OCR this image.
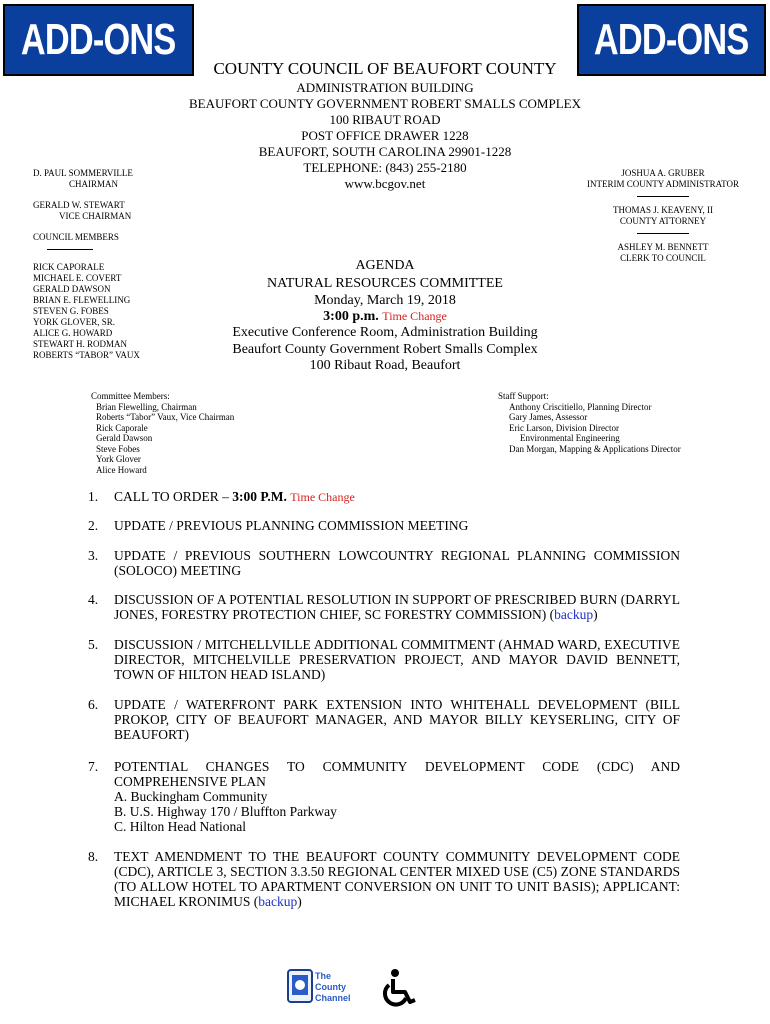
ADD-ONS	ADD-ONS
COUNTY COUNCIL OF BEAUFORT COUNTY
ADMINISTRATION BUILDING
BEAUFORT COUNTY GOVERNMENT ROBERT SMALLS COMPLEX
100 RIBAUT ROAD
POST OFFICE DRAWER 1228
BEAUFORT, SOUTH CAROLINA 29901-1228
TELEPHONE: (843) 255-2180
www.bcgov.net
D. PAUL SOMMERVILLE
CHAIRMAN
GERALD W. STEWART
VICE CHAIRMAN
COUNCIL MEMBERS
RICK CAPORALE
MICHAEL E. COVERT
GERALD DAWSON
BRIAN E. FLEWELLING
STEVEN G. FOBES
YORK GLOVER, SR.
ALICE G. HOWARD
STEWART H. RODMAN
ROBERTS “TABOR” VAUX
JOSHUA A. GRUBER
INTERIM COUNTY ADMINISTRATOR
THOMAS J. KEAVENY, II
COUNTY ATTORNEY
ASHLEY M. BENNETT
CLERK TO COUNCIL
AGENDA
NATURAL RESOURCES COMMITTEE
Monday, March 19, 2018
3:00 p.m. Time Change
Executive Conference Room, Administration Building
Beaufort County Government Robert Smalls Complex
100 Ribaut Road, Beaufort
Committee Members:
Brian Flewelling, Chairman
Roberts “Tabor” Vaux, Vice Chairman
Rick Caporale
Gerald Dawson
Steve Fobes
York Glover
Alice Howard
Staff Support:
Anthony Criscitiello, Planning Director
Gary James, Assessor
Eric Larson, Division Director
Environmental Engineering
Dan Morgan, Mapping & Applications Director
1. CALL TO ORDER – 3:00 P.M. Time Change
2. UPDATE / PREVIOUS PLANNING COMMISSION MEETING
3. UPDATE / PREVIOUS SOUTHERN LOWCOUNTRY REGIONAL PLANNING COMMISSION (SOLOCO) MEETING
4. DISCUSSION OF A POTENTIAL RESOLUTION IN SUPPORT OF PRESCRIBED BURN (DARRYL JONES, FORESTRY PROTECTION CHIEF, SC FORESTRY COMMISSION) (backup)
5. DISCUSSION / MITCHELLVILLE ADDITIONAL COMMITMENT (AHMAD WARD, EXECUTIVE DIRECTOR, MITCHELVILLE PRESERVATION PROJECT, AND MAYOR DAVID BENNETT, TOWN OF HILTON HEAD ISLAND)
6. UPDATE / WATERFRONT PARK EXTENSION INTO WHITEHALL DEVELOPMENT (BILL PROKOP, CITY OF BEAUFORT MANAGER, AND MAYOR BILLY KEYSERLING, CITY OF BEAUFORT)
7. POTENTIAL CHANGES TO COMMUNITY DEVELOPMENT CODE (CDC) AND COMPREHENSIVE PLAN
A. Buckingham Community
B. U.S. Highway 170 / Bluffton Parkway
C. Hilton Head National
8. TEXT AMENDMENT TO THE BEAUFORT COUNTY COMMUNITY DEVELOPMENT CODE (CDC), ARTICLE 3, SECTION 3.3.50 REGIONAL CENTER MIXED USE (C5) ZONE STANDARDS (TO ALLOW HOTEL TO APARTMENT CONVERSION ON UNIT TO UNIT BASIS); APPLICANT: MICHAEL KRONIMUS (backup)
The
County
Channel
